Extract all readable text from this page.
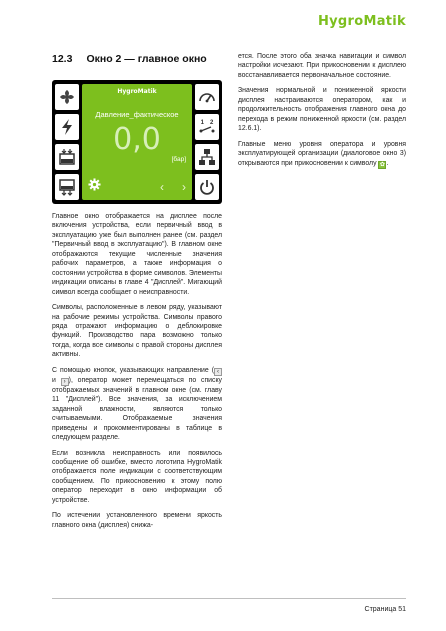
HygroMatik
12.3 Окно 2 — главное окно
HygroMatik
Давление_фактическое
0,0
[бар]
‹ ›
1 2

Главное окно отображается на дисплее после включения устройства, если первичный ввод в эксплуатацию уже был выполнен ранее (см. раздел "Первичный ввод в эксплуатацию"). В главном окне отображаются текущие численные значения рабочих параметров, а также информация о состоянии устройства в форме символов. Элементы индикации описаны в главе 4 "Дисплей". Мигающий символ всегда сообщает о неисправности.

Символы, расположенные в левом ряду, указывают на рабочие режимы устройства. Символы правого ряда отражают информацию о деблокировке функций. Производство пара возможно только тогда, когда все символы с правой стороны дисплея активны.

С помощью кнопок, указывающих направление ( ‹ и › ), оператор может перемещаться по списку отображаемых значений в главном окне (см. главу 11 "Дисплей"). Все значения, за исключением заданной влажности, являются только считываемыми. Отображаемые значения приведены и прокомментированы в таблице в следующем разделе.

Если возникла неисправность или появилось сообщение об ошибке, вместо логотипа HygroMatik отображается поле индикации с соответствующим сообщением. По прикосновению к этому полю оператор переходит в окно информации об устройстве.

По истечении установленного времени яркость главного окна (дисплея) снижа-

ется. После этого оба значка навигации и символ настройки исчезают. При прикосновении к дисплею восстанавливается первоначальное состояние.

Значения нормальной и пониженной яркости дисплея настраиваются оператором, как и продолжительность отображения главного окна до перехода в режим пониженной яркости (см. раздел 12.6.1).

Главные меню уровня оператора и уровня эксплуатирующей организации (диалоговое окно 3) открываются при прикосновении к символу ✿.

Страница 51
